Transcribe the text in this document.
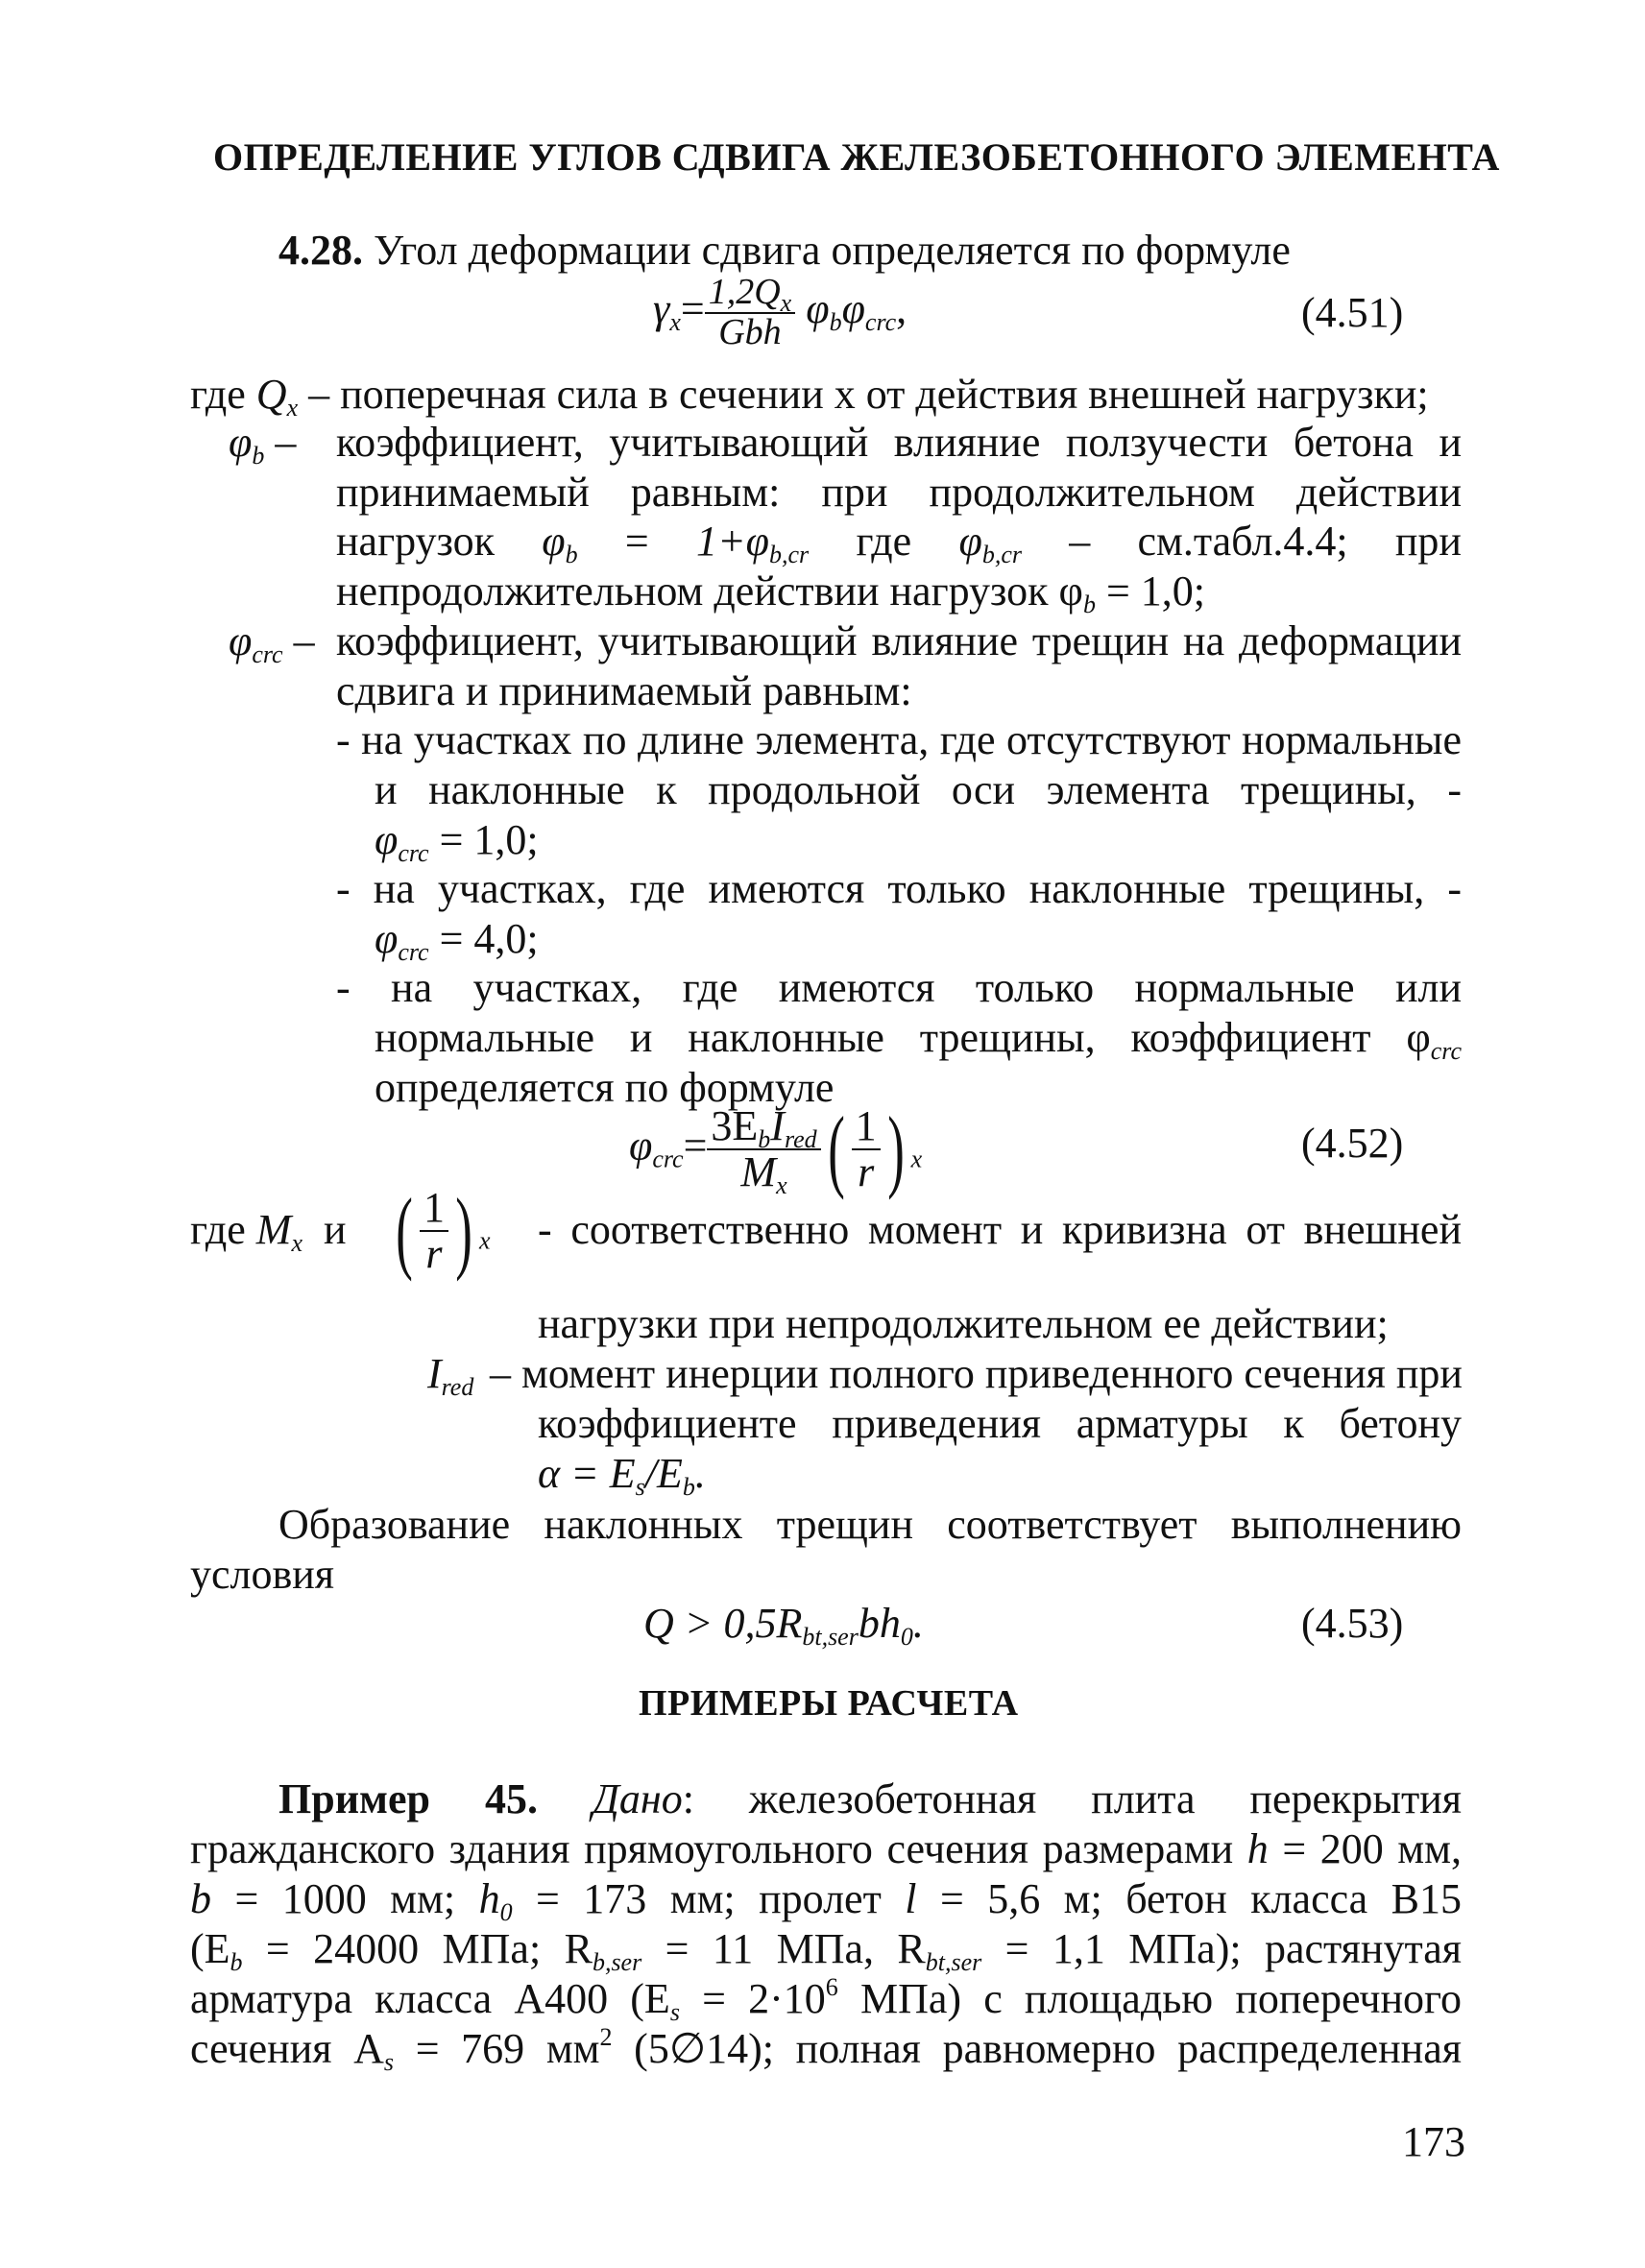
ОПРЕДЕЛЕНИЕ УГЛОВ СДВИГА ЖЕЛЕЗОБЕТОННОГО ЭЛЕМЕНТА
4.28. Угол деформации сдвига определяется по формуле
$\gamma_x= \frac{1,2Q_x}{\text{Gbh}} \varphi_b\varphi_{crc}$,	(4.51)
где $Q_x$ – поперечная сила в сечении x от действия внешней нагрузки;
$\varphi_b$ – коэффициент, учитывающий влияние ползучести бетона и
принимаемый равным: при продолжительном действии
нагрузок $\varphi_b = 1+\varphi_{b,cr}$ где $\varphi_{b,cr}$ – см.табл.4.4; при
непродолжительном действии нагрузок $\varphi_b = 1,0$;
$\varphi_{crc}$ – коэффициент, учитывающий влияние трещин на деформации
сдвига и принимаемый равным:
- на участках по длине элемента, где отсутствуют нормальные
и наклонные к продольной оси элемента трещины, -
$\varphi_{crc} = 1,0$;
- на участках, где имеются только наклонные трещины, -
$\varphi_{crc} = 4,0$;
- на участках, где имеются только нормальные или
нормальные и наклонные трещины, коэффициент $\varphi_{crc}$
определяется по формуле
$\varphi_{crc}= \frac{3E_bI_{red}}{M_x}$ ( $\frac{1}{r}$ ) $_x$	(4.52)
где $M_x$ и ( $\frac{1}{r}$ ) $_x$ - соответственно момент и кривизна от внешней
нагрузки при непродолжительном ее действии;
$I_{red}$ – момент инерции полного приведенного сечения при
коэффициенте приведения арматуры к бетону
$\alpha = E_s/E_b$.
Образование наклонных трещин соответствует выполнению
условия
$Q > 0,5R_{bt,ser}bh_0$.	(4.53)
ПРИМЕРЫ РАСЧЕТА
Пример 45. Дано: железобетонная плита перекрытия
гражданского здания прямоугольного сечения размерами h = 200 мм,
b = 1000 мм; $h_0 = 173$ мм; пролет l = 5,6 м; бетон класса B15
($E_b = 24000$ МПа; $R_{b,ser} = 11$ МПа, $R_{bt,ser} = 1,1$ МПа); растянутая
арматура класса А400 ($E_s = 2\cdot 10^6$ МПа) с площадью поперечного
сечения $A_s = 769$ $мм^2$ (5∅14); полная равномерно распределенная
173
